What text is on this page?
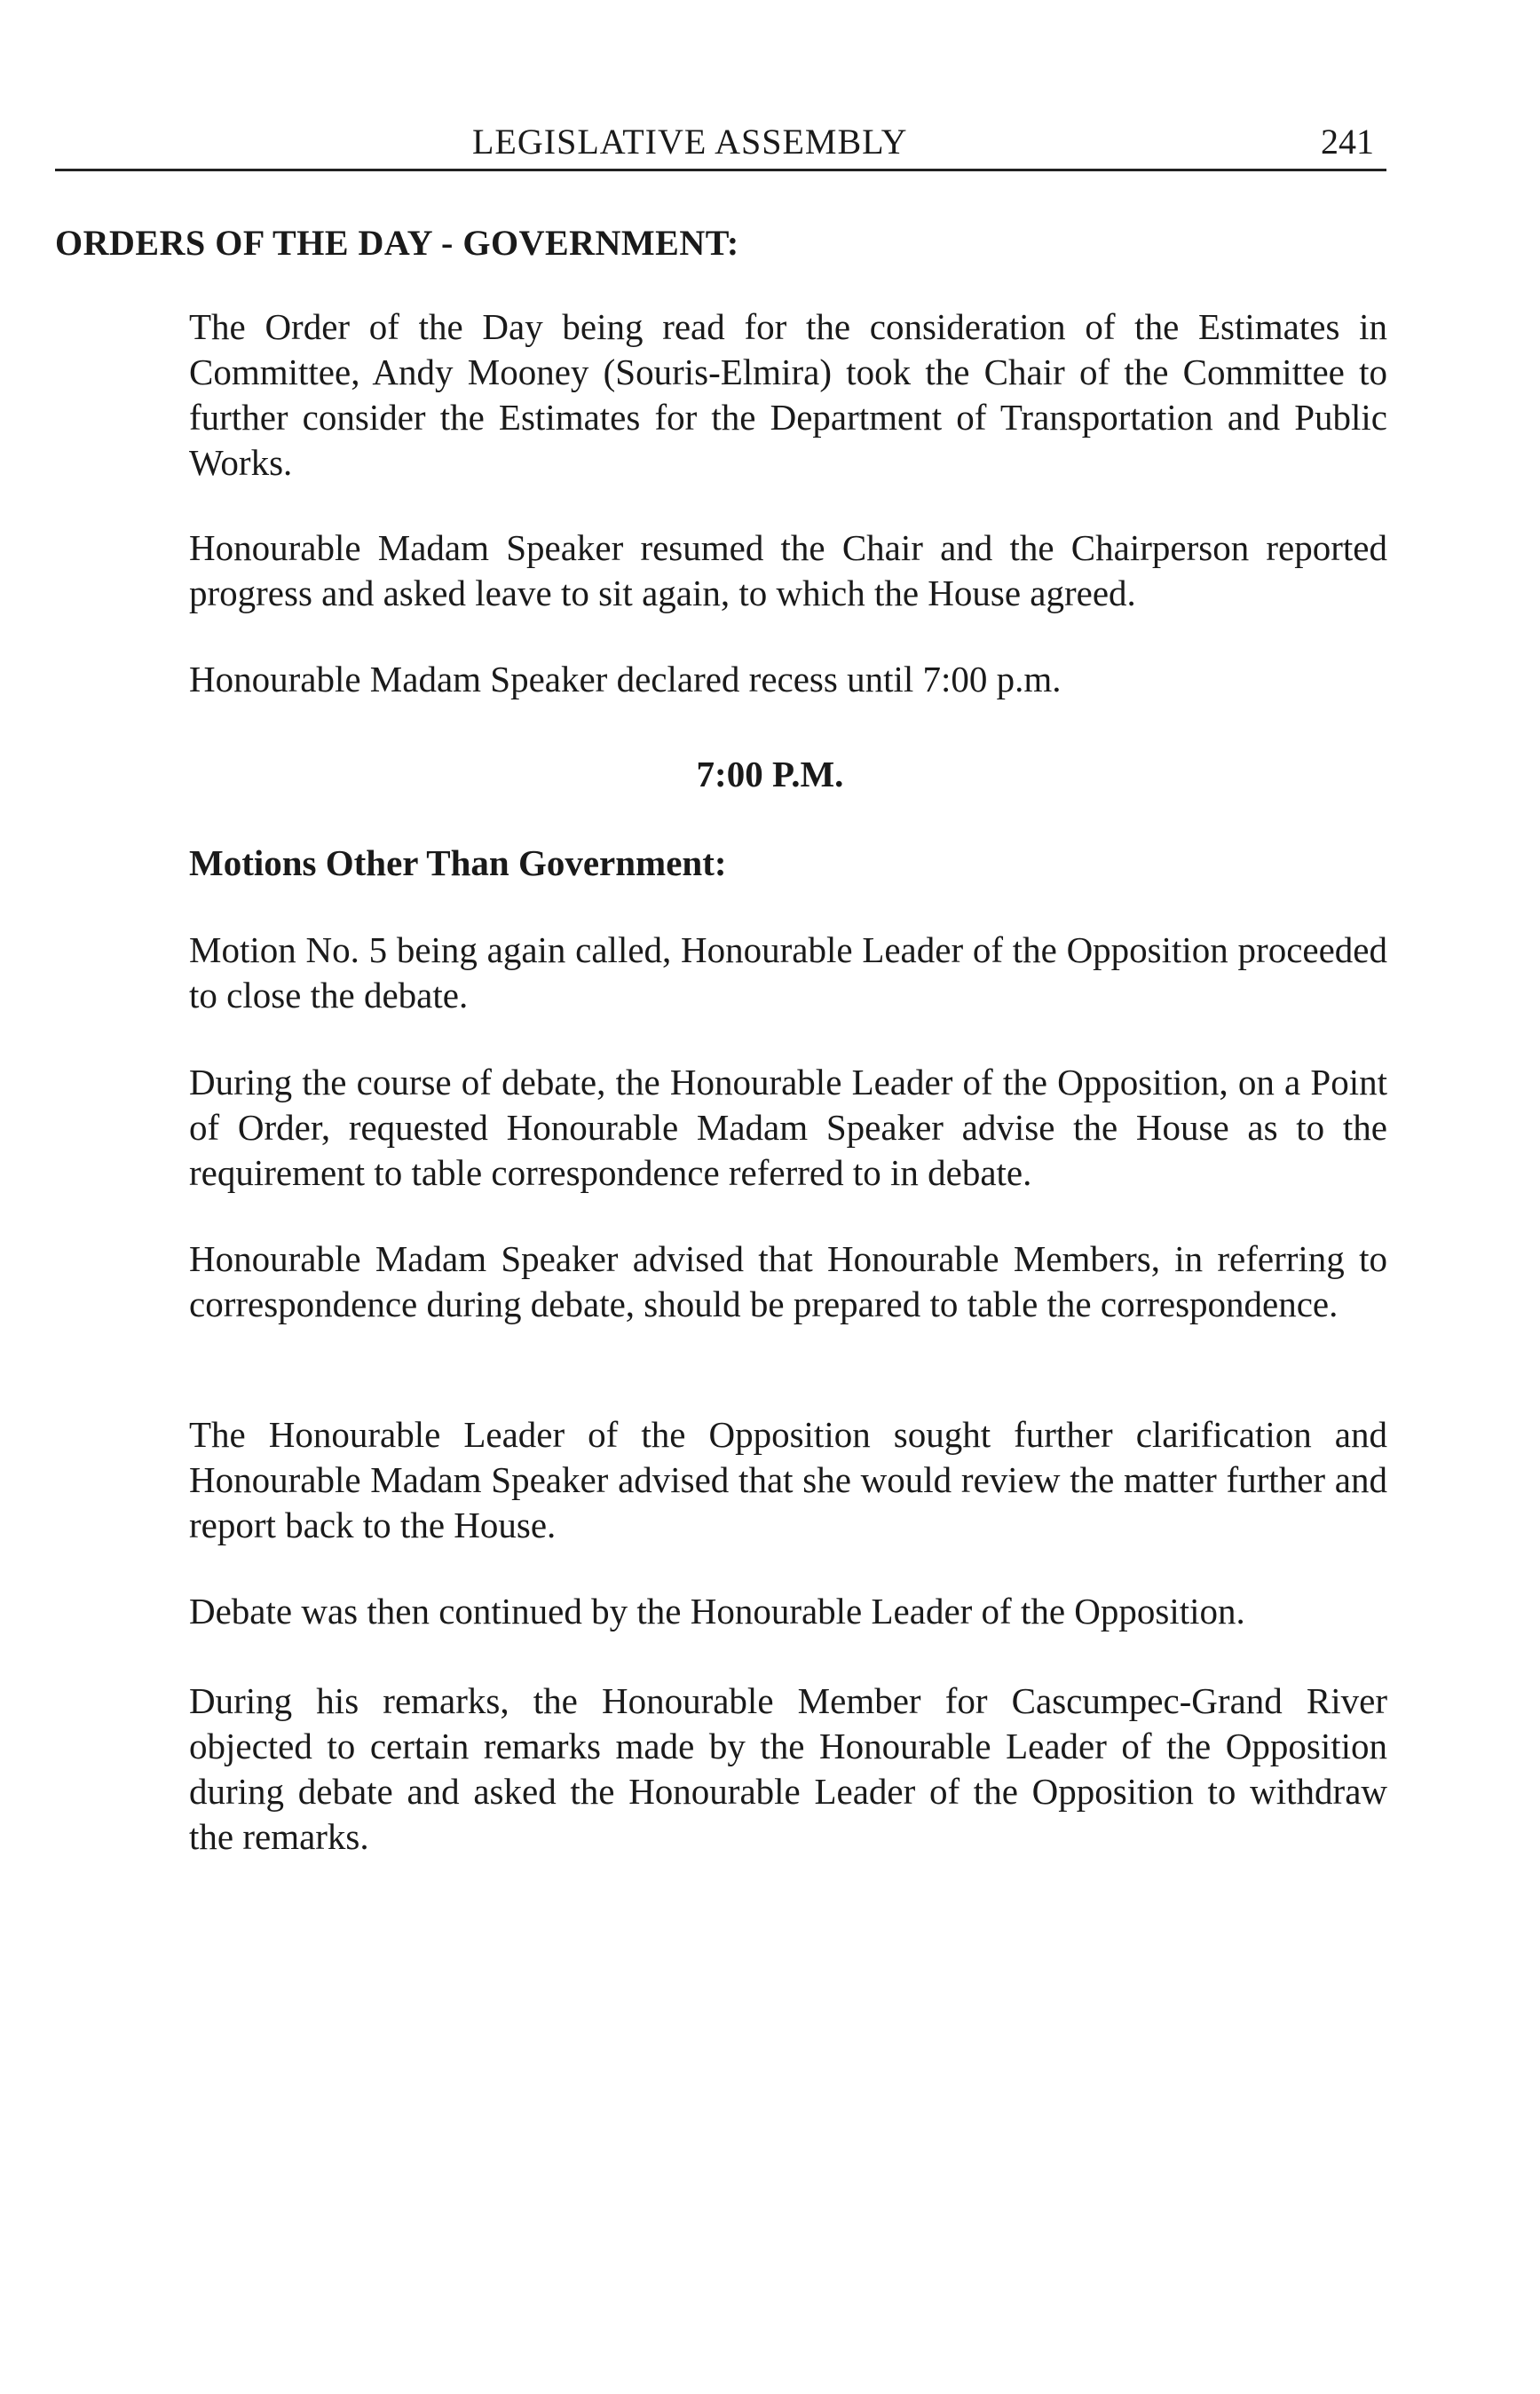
LEGISLATIVE ASSEMBLY	241
ORDERS OF THE DAY - GOVERNMENT:

The Order of the Day being read for the consideration of the Estimates in Committee, Andy Mooney (Souris-Elmira) took the Chair of the Committee to further consider the Estimates for the Department of Transportation and Public Works.

Honourable Madam Speaker resumed the Chair and the Chairperson reported progress and asked leave to sit again, to which the House agreed.

Honourable Madam Speaker declared recess until 7:00 p.m.

7:00 P.M.
Motions Other Than Government:

Motion No. 5 being again called, Honourable Leader of the Opposition proceeded to close the debate.

During the course of debate, the Honourable Leader of the Opposition, on a Point of Order, requested Honourable Madam Speaker advise the House as to the requirement to table correspondence referred to in debate.

Honourable Madam Speaker advised that Honourable Members, in referring to correspondence during debate, should be prepared to table the correspondence.

The Honourable Leader of the Opposition sought further clarification and Honourable Madam Speaker advised that she would review the matter further and report back to the House.

Debate was then continued by the Honourable Leader of the Opposition.

During his remarks, the Honourable Member for Cascumpec-Grand River objected to certain remarks made by the Honourable Leader of the Opposition during debate and asked the Honourable Leader of the Opposition to withdraw the remarks.
